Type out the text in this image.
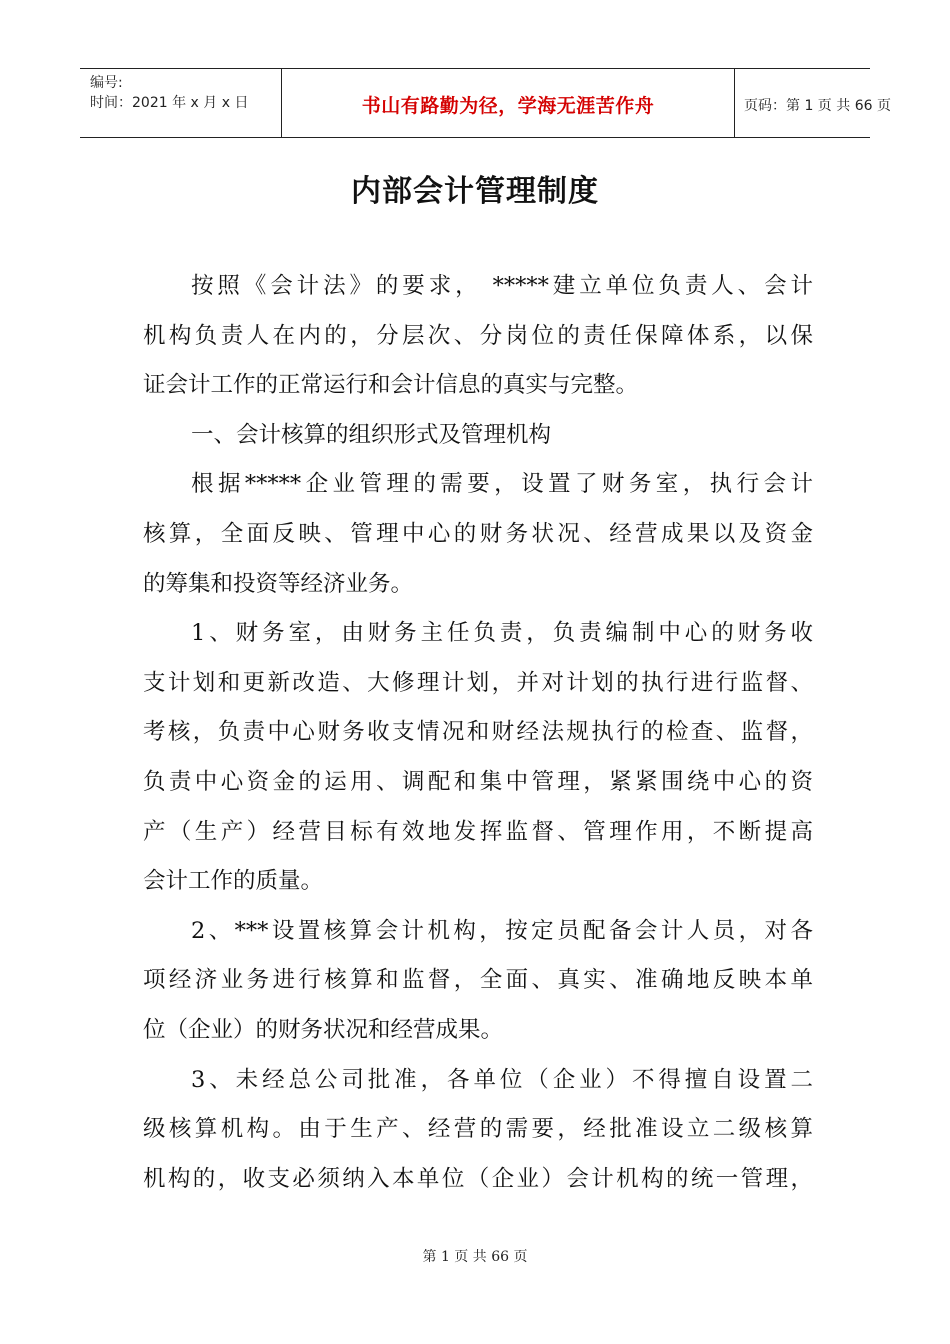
编号:
时间：2021 年 x 月 x 日	书山有路勤为径，学海无涯苦作舟	页码：第 1 页 共 66 页
内部会计管理制度
按照《会计法》的要求， *****建立单位负责人、会计
机构负责人在内的，分层次、分岗位的责任保障体系，以保
证会计工作的正常运行和会计信息的真实与完整。
一、会计核算的组织形式及管理机构
根据*****企业管理的需要，设置了财务室，执行会计
核算，全面反映、管理中心的财务状况、经营成果以及资金
的筹集和投资等经济业务。
1、财务室，由财务主任负责，负责编制中心的财务收
支计划和更新改造、大修理计划，并对计划的执行进行监督、
考核，负责中心财务收支情况和财经法规执行的检查、监督，
负责中心资金的运用、调配和集中管理，紧紧围绕中心的资
产（生产）经营目标有效地发挥监督、管理作用，不断提高
会计工作的质量。
2、***设置核算会计机构，按定员配备会计人员，对各
项经济业务进行核算和监督，全面、真实、准确地反映本单
位（企业）的财务状况和经营成果。
3、未经总公司批准，各单位（企业）不得擅自设置二
级核算机构。由于生产、经营的需要，经批准设立二级核算
机构的，收支必须纳入本单位（企业）会计机构的统一管理，
第 1 页 共 66 页
